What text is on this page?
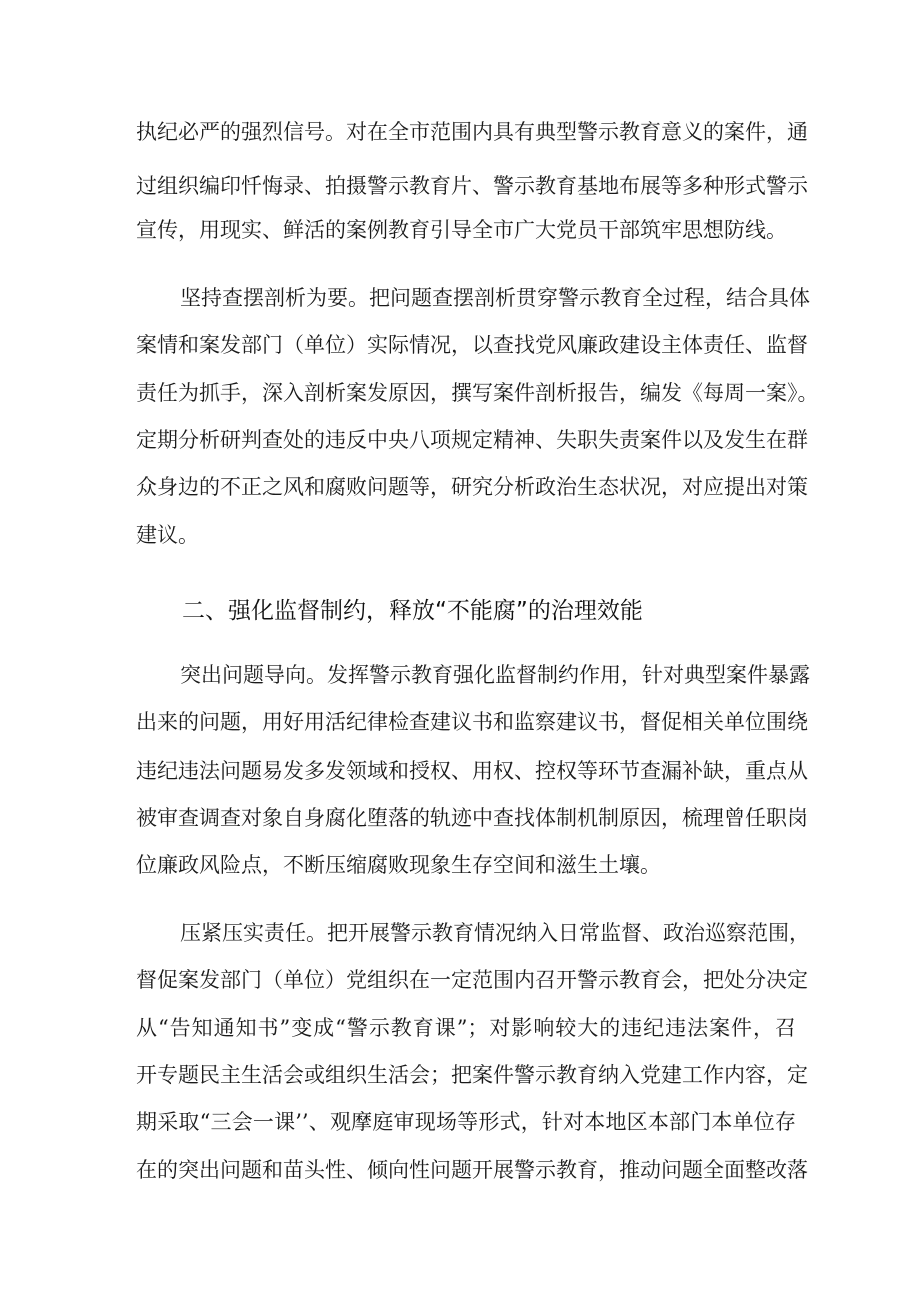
执纪必严的强烈信号。对在全市范围内具有典型警示教育意义的案件，通
过组织编印忏悔录、拍摄警示教育片、警示教育基地布展等多种形式警示
宣传，用现实、鲜活的案例教育引导全市广大党员干部筑牢思想防线。
坚持查摆剖析为要。把问题查摆剖析贯穿警示教育全过程，结合具体
案情和案发部门（单位）实际情况，以查找党风廉政建设主体责任、监督
责任为抓手，深入剖析案发原因，撰写案件剖析报告，编发《每周一案》。
定期分析研判查处的违反中央八项规定精神、失职失责案件以及发生在群
众身边的不正之风和腐败问题等，研究分析政治生态状况，对应提出对策
建议。
二、强化监督制约，释放“不能腐”的治理效能
突出问题导向。发挥警示教育强化监督制约作用，针对典型案件暴露
出来的问题，用好用活纪律检查建议书和监察建议书，督促相关单位围绕
违纪违法问题易发多发领域和授权、用权、控权等环节查漏补缺，重点从
被审查调查对象自身腐化堕落的轨迹中查找体制机制原因，梳理曾任职岗
位廉政风险点，不断压缩腐败现象生存空间和滋生土壤。
压紧压实责任。把开展警示教育情况纳入日常监督、政治巡察范围，
督促案发部门（单位）党组织在一定范围内召开警示教育会，把处分决定
从“告知通知书”变成“警示教育课”；对影响较大的违纪违法案件，召
开专题民主生活会或组织生活会；把案件警示教育纳入党建工作内容，定
期采取“三会一课’’、观摩庭审现场等形式，针对本地区本部门本单位存
在的突出问题和苗头性、倾向性问题开展警示教育，推动问题全面整改落
